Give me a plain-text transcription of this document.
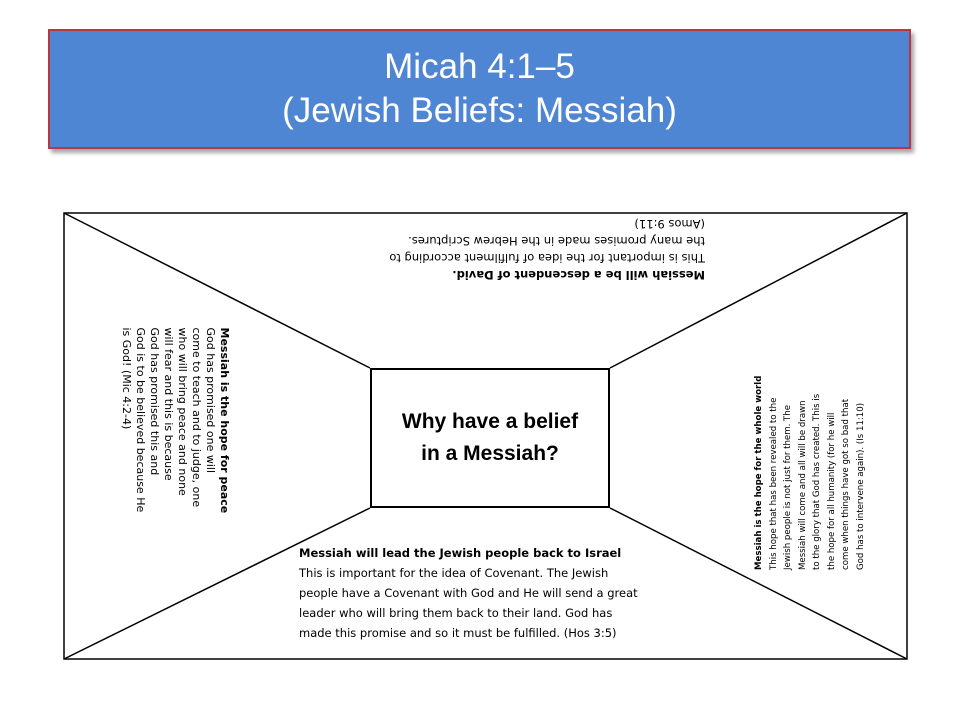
Micah 4:1–5
(Jewish Beliefs: Messiah)
Why have a belief
in a Messiah?
Messiah will lead the Jewish people back to Israel
This is important for the idea of Covenant. The Jewish
people have a Covenant with God and He will send a great
leader who will bring them back to their land. God has
made this promise and so it must be fulfilled. (Hos 3:5)
Messiah will be a descendent of David.
This is important for the idea of fulfilment according to
the many promises made in the Hebrew Scriptures.
(Amos 9:11)
Messiah is the hope for peace
God has promised one will
come to teach and to judge, one
who will bring peace and none
will fear and this is because
God has promised this and
God is to be believed because He
is God! (Mic 4:2-4)	Messiah is the hope for the whole world This hope that has been revealed to the Jewish people is not just for them. The Messiah will come and all will be drawn to the glory that God has created. This is the hope for all humanity (for he will come when things have got so bad that God has to intervene again). (Is 11:10)
